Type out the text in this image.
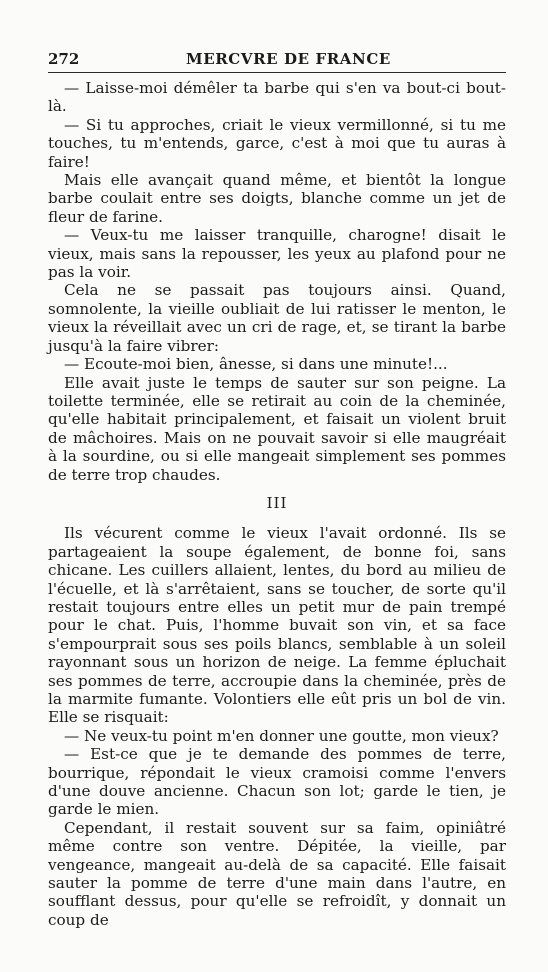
272	MERCVRE DE FRANCE

— Laisse-moi démêler ta barbe qui s'en va bout-ci bout-là.

— Si tu approches, criait le vieux vermillonné, si tu me touches, tu m'entends, garce, c'est à moi que tu auras à faire!

Mais elle avançait quand même, et bientôt la longue barbe coulait entre ses doigts, blanche comme un jet de fleur de farine.

— Veux-tu me laisser tranquille, charogne! disait le vieux, mais sans la repousser, les yeux au plafond pour ne pas la voir.

Cela ne se passait pas toujours ainsi. Quand, somnolente, la vieille oubliait de lui ratisser le menton, le vieux la réveillait avec un cri de rage, et, se tirant la barbe jusqu'à la faire vibrer:

— Ecoute-moi bien, ânesse, si dans une minute!...

Elle avait juste le temps de sauter sur son peigne. La toilette terminée, elle se retirait au coin de la cheminée, qu'elle habitait principalement, et faisait un violent bruit de mâchoires. Mais on ne pouvait savoir si elle maugréait à la sourdine, ou si elle mangeait simplement ses pommes de terre trop chaudes.

III

Ils vécurent comme le vieux l'avait ordonné. Ils se partageaient la soupe également, de bonne foi, sans chicane. Les cuillers allaient, lentes, du bord au milieu de l'écuelle, et là s'arrêtaient, sans se toucher, de sorte qu'il restait toujours entre elles un petit mur de pain trempé pour le chat. Puis, l'homme buvait son vin, et sa face s'empourprait sous ses poils blancs, semblable à un soleil rayonnant sous un horizon de neige. La femme épluchait ses pommes de terre, accroupie dans la cheminée, près de la marmite fumante. Volontiers elle eût pris un bol de vin. Elle se risquait:

— Ne veux-tu point m'en donner une goutte, mon vieux?

— Est-ce que je te demande des pommes de terre, bourrique, répondait le vieux cramoisi comme l'envers d'une douve ancienne. Chacun son lot; garde le tien, je garde le mien.

Cependant, il restait souvent sur sa faim, opiniâtré même contre son ventre. Dépitée, la vieille, par vengeance, mangeait au-delà de sa capacité. Elle faisait sauter la pomme de terre d'une main dans l'autre, en soufflant dessus, pour qu'elle se refroidît, y donnait un coup de
